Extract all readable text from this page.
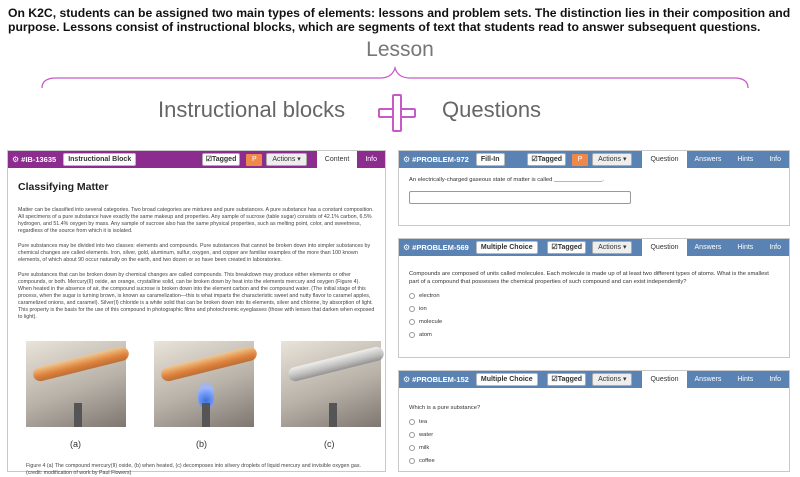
On K2C, students can be assigned two main types of elements: lessons and problem sets. The distinction lies in their composition and purpose. Lessons consist of instructional blocks, which are segments of text that students read to answer subsequent questions.
Lesson
Instructional blocks	Questions
⚙ #IB-13635	Instructional Block	☑Tagged	P	Actions ▾	Content	Info
Classifying Matter

Matter can be classified into several categories. Two broad categories are mixtures and pure substances. A pure substance has a constant composition. All specimens of a pure substance have exactly the same makeup and properties. Any sample of sucrose (table sugar) consists of 42.1% carbon, 6.5% hydrogen, and 51.4% oxygen by mass. Any sample of sucrose also has the same physical properties, such as melting point, color, and sweetness, regardless of the source from which it is isolated.

Pure substances may be divided into two classes: elements and compounds. Pure substances that cannot be broken down into simpler substances by chemical changes are called elements. Iron, silver, gold, aluminum, sulfur, oxygen, and copper are familiar examples of the more than 100 known elements, of which about 90 occur naturally on the earth, and two dozen or so have been created in laboratories.

Pure substances that can be broken down by chemical changes are called compounds. This breakdown may produce either elements or other compounds, or both. Mercury(II) oxide, an orange, crystalline solid, can be broken down by heat into the elements mercury and oxygen (Figure 4). When heated in the absence of air, the compound sucrose is broken down into the element carbon and the compound water. (The initial stage of this process, when the sugar is turning brown, is known as caramelization—this is what imparts the characteristic sweet and nutty flavor to caramel apples, caramelized onions, and caramel). Silver(I) chloride is a white solid that can be broken down into its elements, silver and chlorine, by absorption of light. This property is the basis for the use of this compound in photographic films and photochromic eyeglasses (those with lenses that darken when exposed to light).

(a)	(b)	(c)
Figure 4 (a) The compound mercury(II) oxide, (b) when heated, (c) decomposes into silvery droplets of liquid mercury and invisible oxygen gas. (credit: modification of work by Paul Flowers)
⚙ #PROBLEM-972	Fill-In	☑Tagged	P	Actions ▾	Question	Answers	Hints	Info
An electrically-charged gaseous state of matter is called _______________.
⚙ #PROBLEM-569	Multiple Choice	☑Tagged	Actions ▾	Question	Answers	Hints	Info
Compounds are composed of units called molecules. Each molecule is made up of at least two different types of atoms. What is the smallest part of a compound that possesses the chemical properties of such compound and can exist independently?
electron
ion
molecule
atom
⚙ #PROBLEM-152	Multiple Choice	☑Tagged	Actions ▾	Question	Answers	Hints	Info
Which is a pure substance?
tea
water
milk
coffee
